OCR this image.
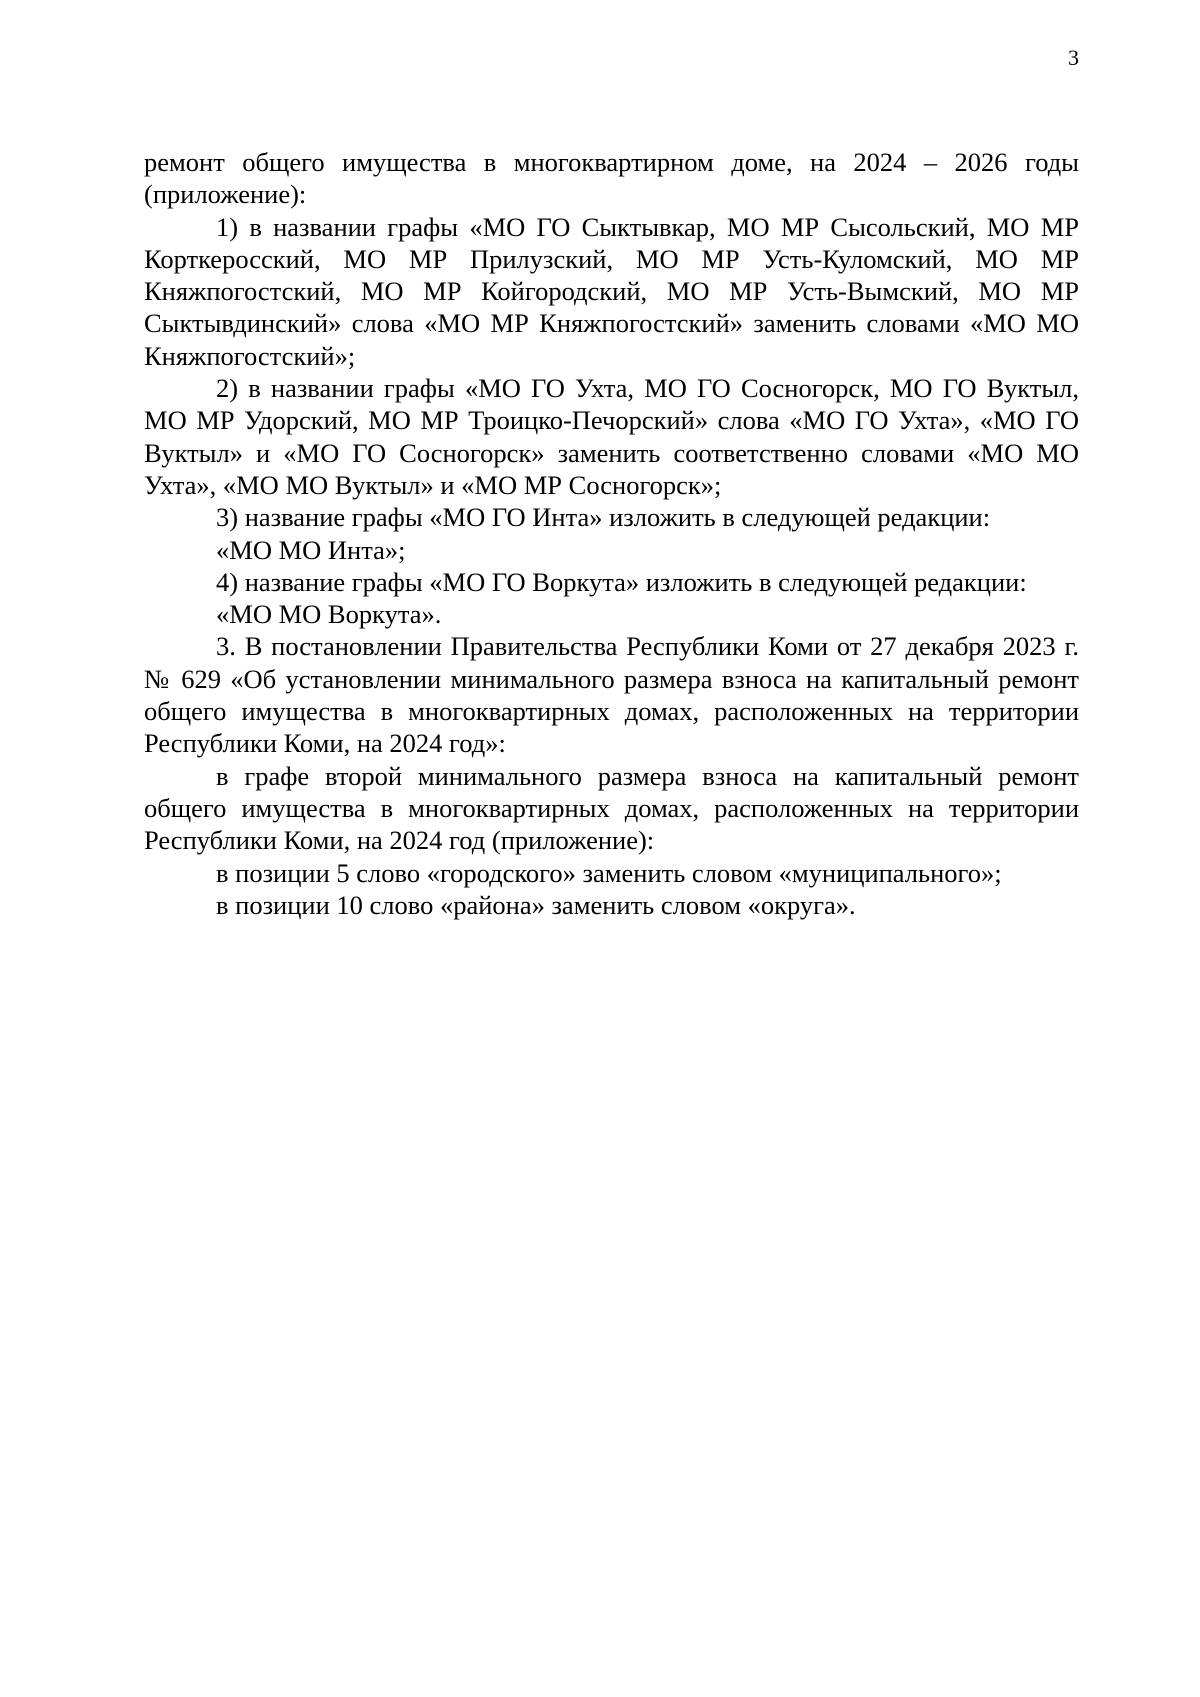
3

ремонт общего имущества в многоквартирном доме, на 2024 – 2026 годы (приложение):

1) в названии графы «МО ГО Сыктывкар, МО МР Сысольский, МО МР Корткеросский, МО МР Прилузский, МО МР Усть-Куломский, МО МР Княжпогостский, МО МР Койгородский, МО МР Усть-Вымский, МО МР Сыктывдинский» слова «МО МР Княжпогостский» заменить словами «МО МО Княжпогостский»;

2) в названии графы «МО ГО Ухта, МО ГО Сосногорск, МО ГО Вуктыл, МО МР Удорский, МО МР Троицко-Печорский» слова «МО ГО Ухта», «МО ГО Вуктыл» и «МО ГО Сосногорск» заменить соответственно словами «МО МО Ухта», «МО МО Вуктыл» и «МО МР Сосногорск»;

3) название графы «МО ГО Инта» изложить в следующей редакции:

«МО МО Инта»;

4) название графы «МО ГО Воркута» изложить в следующей редакции:

«МО МО Воркута».

3. В постановлении Правительства Республики Коми от 27 декабря 2023 г. № 629 «Об установлении минимального размера взноса на капитальный ремонт общего имущества в многоквартирных домах, расположенных на территории Республики Коми, на 2024 год»:

в графе второй минимального размера взноса на капитальный ремонт общего имущества в многоквартирных домах, расположенных на территории Республики Коми, на 2024 год (приложение):

в позиции 5 слово «городского» заменить словом «муниципального»;

в позиции 10 слово «района» заменить словом «округа».
